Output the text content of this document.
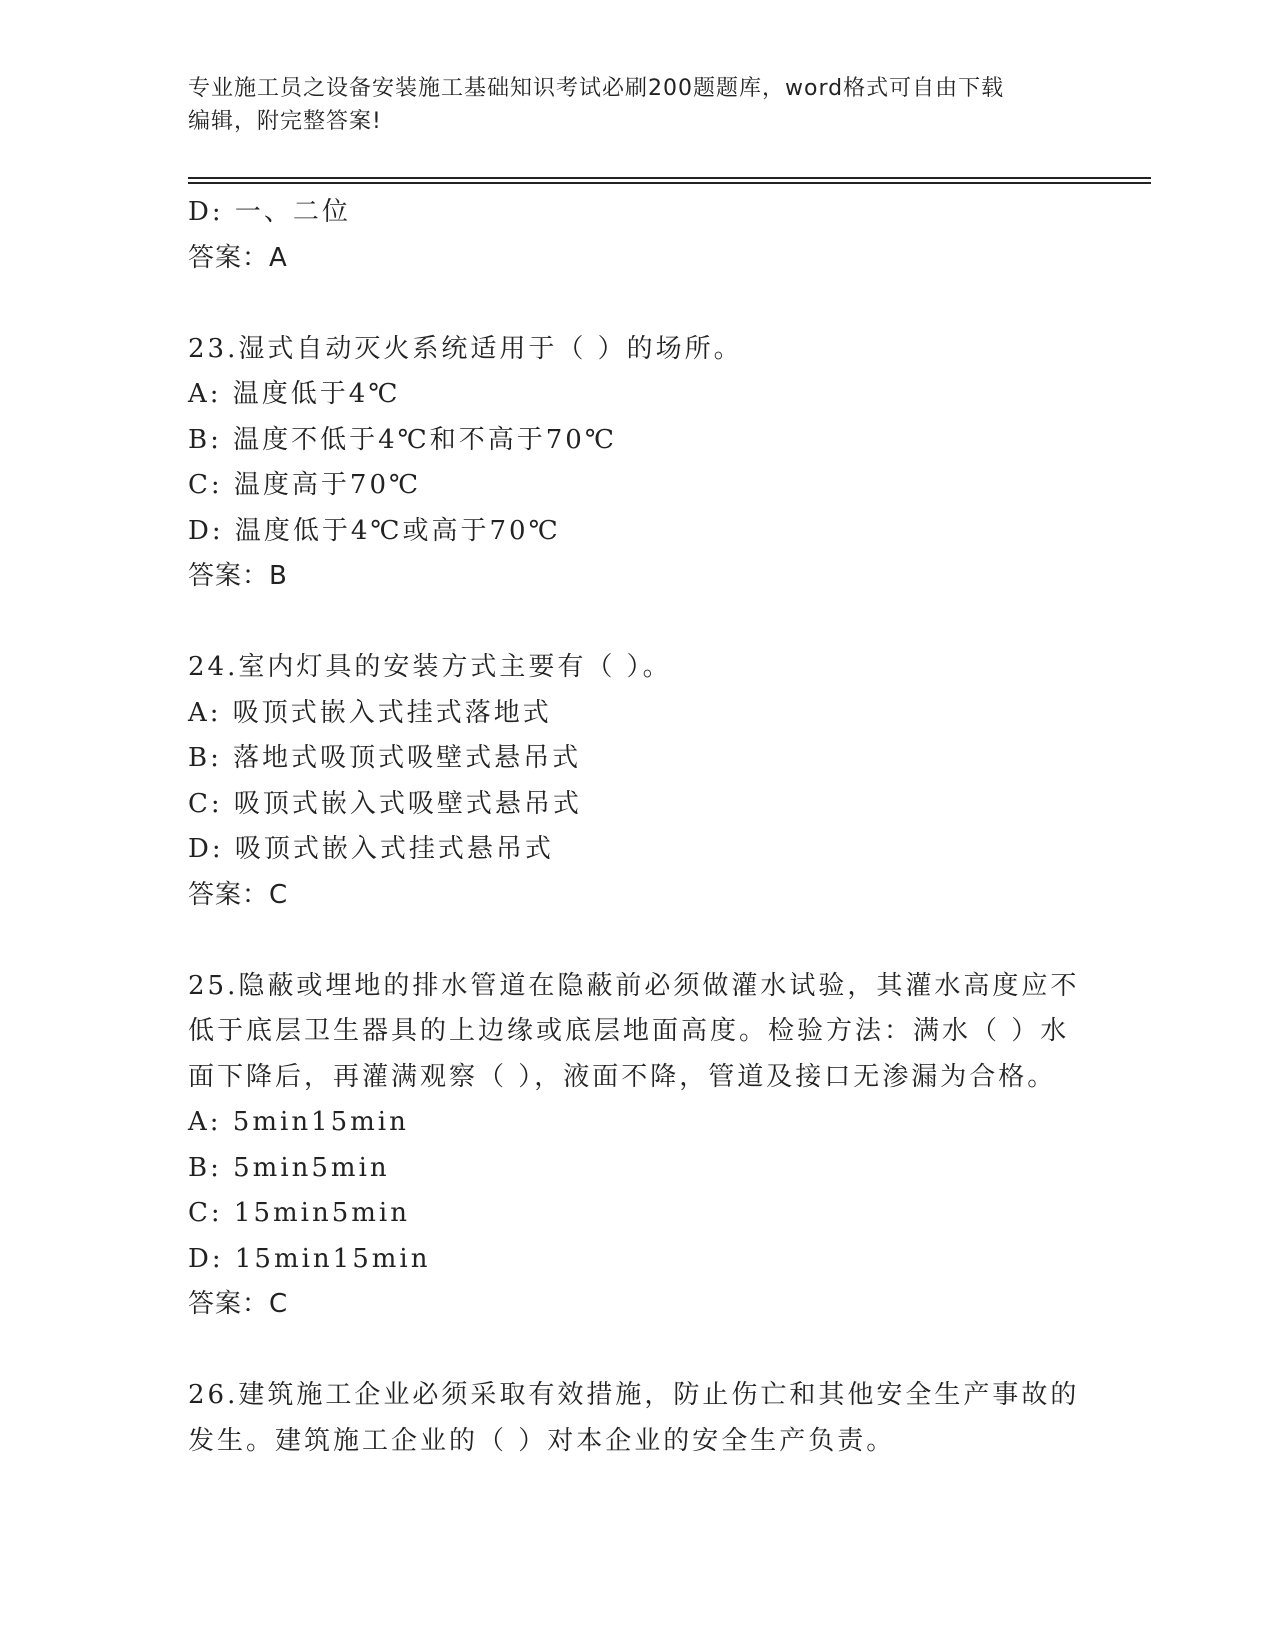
专业施工员之设备安装施工基础知识考试必刷200题题库，word格式可自由下载
编辑，附完整答案!
D: 一、二位
答案：A
23.湿式自动灭火系统适用于（ ）的场所。
A: 温度低于4℃
B: 温度不低于4℃和不高于70℃
C: 温度高于70℃
D: 温度低于4℃或高于70℃
答案：B
24.室内灯具的安装方式主要有（ ）。
A: 吸顶式嵌入式挂式落地式
B: 落地式吸顶式吸壁式悬吊式
C: 吸顶式嵌入式吸壁式悬吊式
D: 吸顶式嵌入式挂式悬吊式
答案：C
25.隐蔽或埋地的排水管道在隐蔽前必须做灌水试验，其灌水高度应不
低于底层卫生器具的上边缘或底层地面高度。检验方法：满水（ ）水
面下降后，再灌满观察（ ），液面不降，管道及接口无渗漏为合格。
A: 5min15min
B: 5min5min
C: 15min5min
D: 15min15min
答案：C
26.建筑施工企业必须采取有效措施，防止伤亡和其他安全生产事故的
发生。建筑施工企业的（ ）对本企业的安全生产负责。
